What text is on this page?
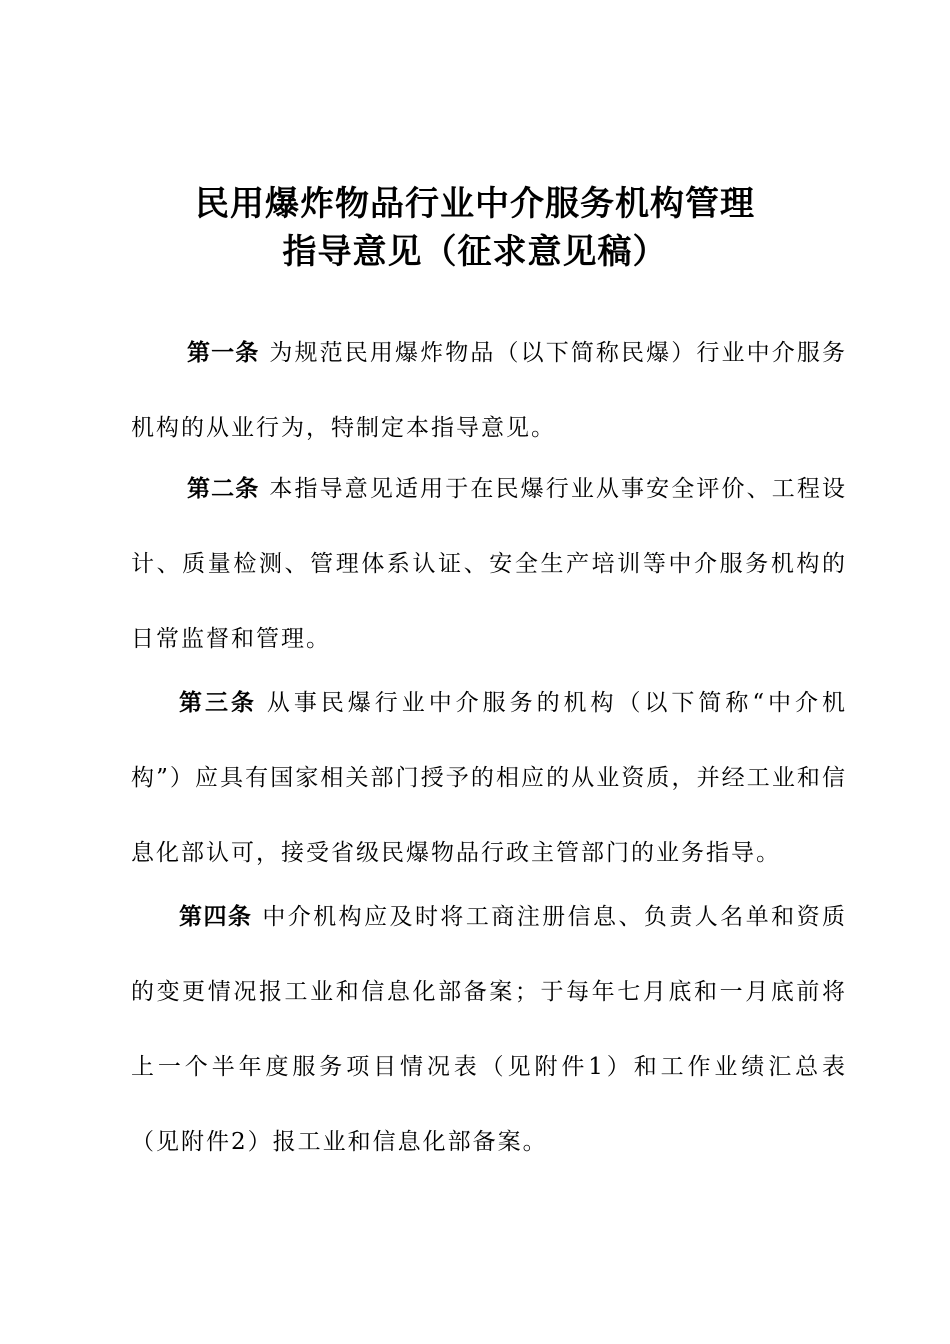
民用爆炸物品行业中介服务机构管理
指导意见（征求意见稿）
第一条 为规范民用爆炸物品（以下简称民爆）行业中介服务机构的从业行为，特制定本指导意见。
第二条 本指导意见适用于在民爆行业从事安全评价、工程设计、质量检测、管理体系认证、安全生产培训等中介服务机构的日常监督和管理。
第三条 从事民爆行业中介服务的机构（以下简称“中介机构”）应具有国家相关部门授予的相应的从业资质，并经工业和信息化部认可，接受省级民爆物品行政主管部门的业务指导。
第四条 中介机构应及时将工商注册信息、负责人名单和资质的变更情况报工业和信息化部备案；于每年七月底和一月底前将上一个半年度服务项目情况表（见附件1）和工作业绩汇总表（见附件2）报工业和信息化部备案。
